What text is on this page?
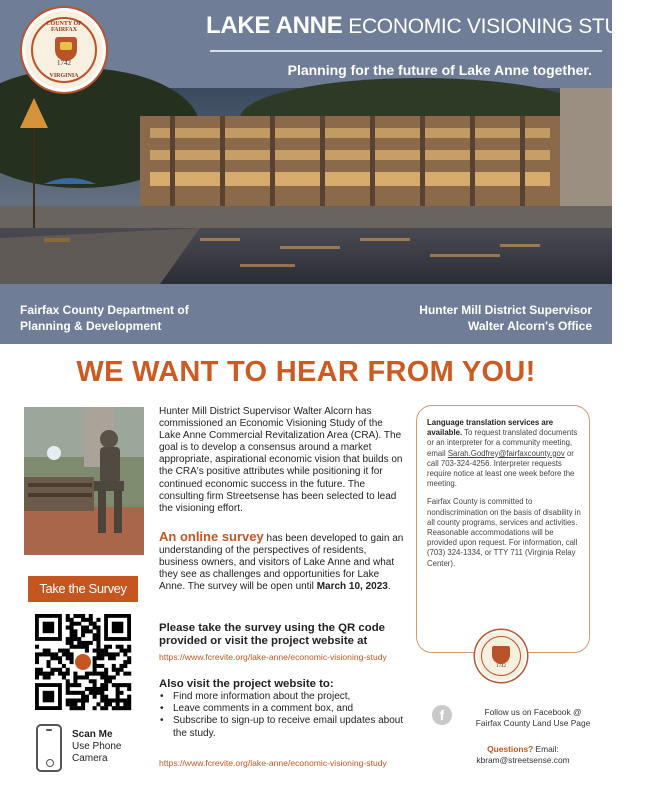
LAKE ANNE ECONOMIC VISIONING STUDY
Planning for the future of Lake Anne together.
COUNTY OF FAIRFAX
1742
VIRGINIA
Fairfax County Department of
Planning & Development
Hunter Mill District Supervisor
Walter Alcorn's Office
WE WANT TO HEAR FROM YOU!
Take the Survey
Scan Me
Use Phone
Camera
Hunter Mill District Supervisor Walter Alcorn has commissioned an Economic Visioning Study of the Lake Anne Commercial Revitalization Area (CRA). The goal is to develop a consensus around a market appropriate, aspirational economic vision that builds on the CRA's positive attributes while positioning it for continued economic success in the future. The consulting firm Streetsense has been selected to lead the visioning effort.
An online survey has been developed to gain an understanding of the perspectives of residents, business owners, and visitors of Lake Anne and what they see as challenges and opportunities for Lake Anne. The survey will be open until March 10, 2023.
Please take the survey using the QR code provided or visit the project website at
https://www.fcrevite.org/lake-anne/economic-visioning-study
Also visit the project website to:
• Find more information about the project,
• Leave comments in a comment box, and
• Subscribe to sign-up to receive email updates about the study.
https://www.fcrevite.org/lake-anne/economic-visioning-study

Language translation services are available. To request translated documents or an interpreter for a community meeting, email Sarah.Godfrey@fairfaxcounty.gov or call 703-324-4256. Interpreter requests require notice at least one week before the meeting.

Fairfax County is committed to nondiscrimination on the basis of disability in all county programs, services and activities. Reasonable accommodations will be provided upon request. For information, call (703) 324-1334, or TTY 711 (Virginia Relay Center).

1742
f	Follow us on Facebook @
Fairfax County Land Use Page
Questions? Email:
kbram@streetsense.com
